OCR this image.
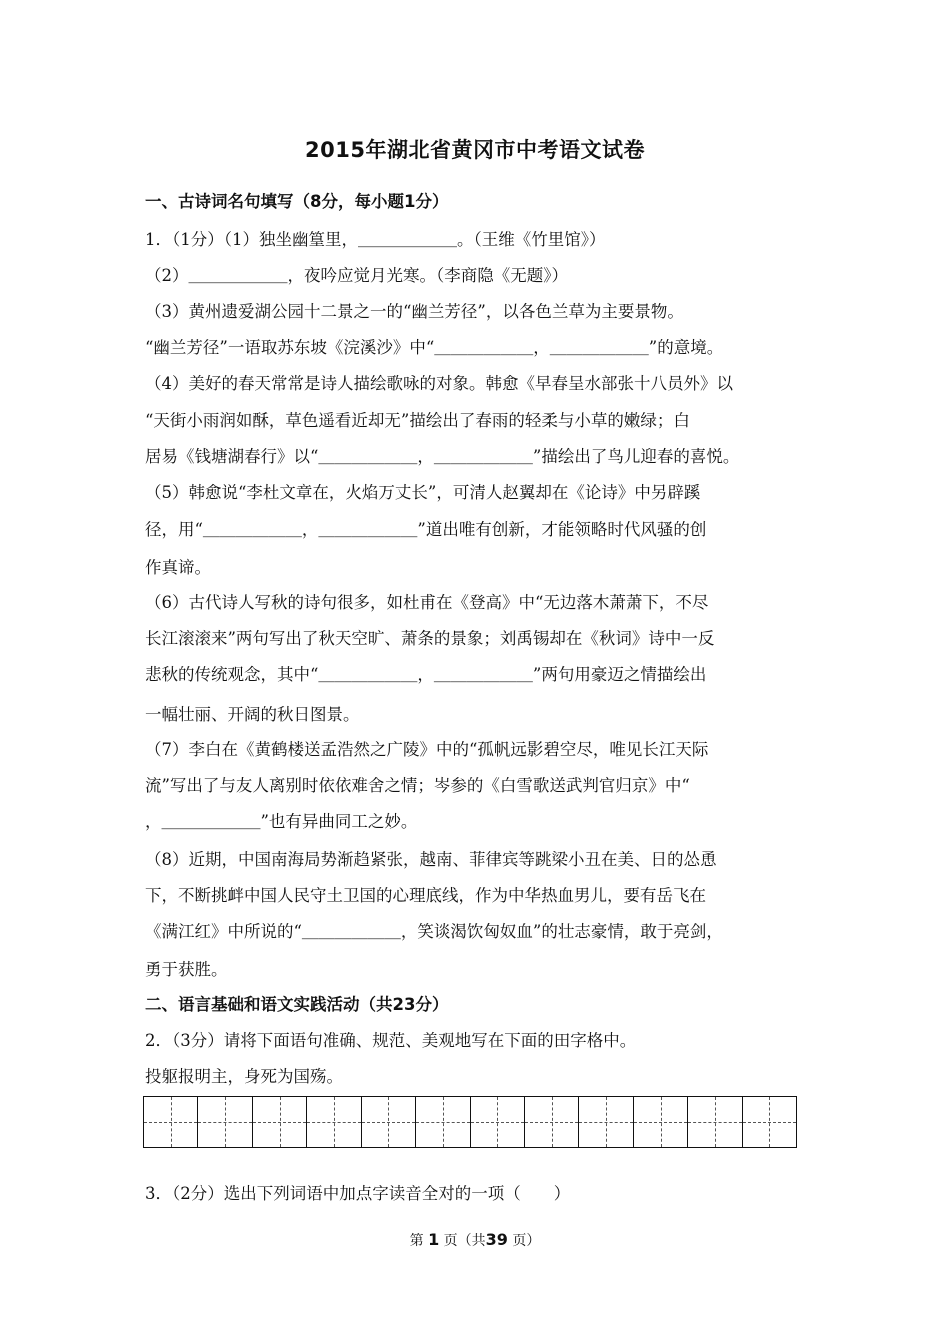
2015年湖北省黄冈市中考语文试卷
一、古诗词名句填写（8分，每小题1分）
1．（1分）（1）独坐幽篁里，＿＿＿＿＿＿。（王维《竹里馆》）
（2）＿＿＿＿＿＿，夜吟应觉月光寒。（李商隐《无题》）
（3）黄州遗爱湖公园十二景之一的“幽兰芳径”，以各色兰草为主要景物。
“幽兰芳径”一语取苏东坡《浣溪沙》中“＿＿＿＿＿＿，＿＿＿＿＿＿”的意境。
（4）美好的春天常常是诗人描绘歌咏的对象。韩愈《早春呈水部张十八员外》以
“天街小雨润如酥，草色遥看近却无”描绘出了春雨的轻柔与小草的嫩绿；白
居易《钱塘湖春行》以“＿＿＿＿＿＿，＿＿＿＿＿＿”描绘出了鸟儿迎春的喜悦。
（5）韩愈说“李杜文章在，火焰万丈长”，可清人赵翼却在《论诗》中另辟蹊
径，用“＿＿＿＿＿＿，＿＿＿＿＿＿”道出唯有创新，才能领略时代风骚的创
作真谛。
（6）古代诗人写秋的诗句很多，如杜甫在《登高》中“无边落木萧萧下，不尽
长江滚滚来”两句写出了秋天空旷、萧条的景象；刘禹锡却在《秋词》诗中一反
悲秋的传统观念，其中“＿＿＿＿＿＿，＿＿＿＿＿＿”两句用豪迈之情描绘出
一幅壮丽、开阔的秋日图景。
（7）李白在《黄鹤楼送孟浩然之广陵》中的“孤帆远影碧空尽，唯见长江天际
流”写出了与友人离别时依依难舍之情；岑参的《白雪歌送武判官归京》中“
，＿＿＿＿＿＿”也有异曲同工之妙。
（8）近期，中国南海局势渐趋紧张，越南、菲律宾等跳梁小丑在美、日的怂恿
下，不断挑衅中国人民守土卫国的心理底线，作为中华热血男儿，要有岳飞在
《满江红》中所说的“＿＿＿＿＿＿，笑谈渴饮匈奴血”的壮志豪情，敢于亮剑，
勇于获胜。
二、语言基础和语文实践活动（共23分）
2．（3分）请将下面语句准确、规范、美观地写在下面的田字格中。
投躯报明主，身死为国殇。
3．（2分）选出下列词语中加点字读音全对的一项（　　）
第 1 页（共39 页）
